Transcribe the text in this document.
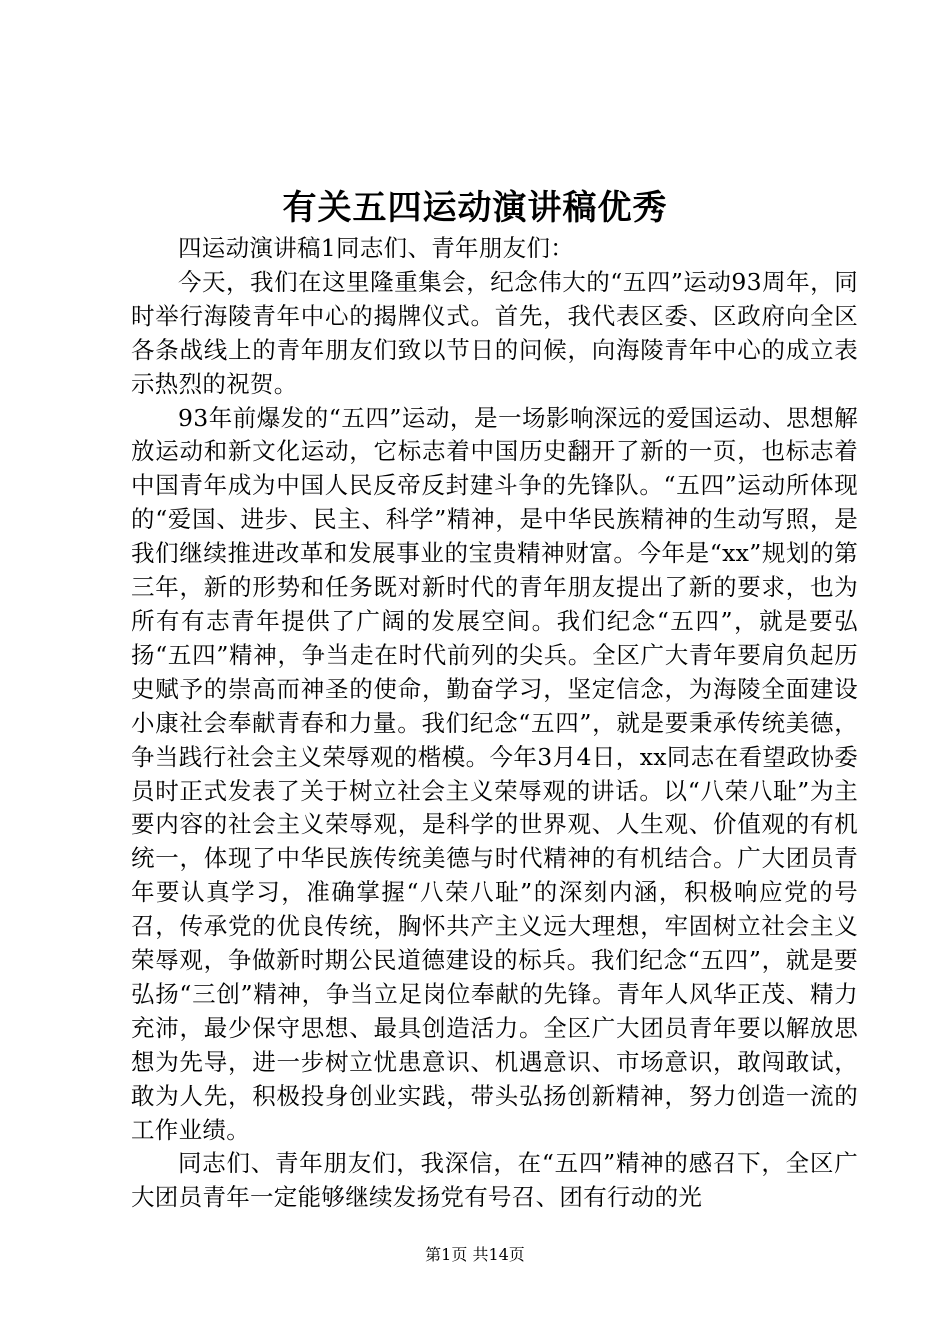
有关五四运动演讲稿优秀

四运动演讲稿1同志们、青年朋友们：

今天，我们在这里隆重集会，纪念伟大的“五四”运动93周年，同时举行海陵青年中心的揭牌仪式。首先，我代表区委、区政府向全区各条战线上的青年朋友们致以节日的问候，向海陵青年中心的成立表示热烈的祝贺。

93年前爆发的“五四”运动，是一场影响深远的爱国运动、思想解放运动和新文化运动，它标志着中国历史翻开了新的一页，也标志着中国青年成为中国人民反帝反封建斗争的先锋队。“五四”运动所体现的“爱国、进步、民主、科学”精神，是中华民族精神的生动写照，是我们继续推进改革和发展事业的宝贵精神财富。今年是“xx”规划的第三年，新的形势和任务既对新时代的青年朋友提出了新的要求，也为所有有志青年提供了广阔的发展空间。我们纪念“五四”，就是要弘扬“五四”精神，争当走在时代前列的尖兵。全区广大青年要肩负起历史赋予的崇高而神圣的使命，勤奋学习，坚定信念，为海陵全面建设小康社会奉献青春和力量。我们纪念“五四”，就是要秉承传统美德，争当践行社会主义荣辱观的楷模。今年3月4日，xx同志在看望政协委员时正式发表了关于树立社会主义荣辱观的讲话。以“八荣八耻”为主要内容的社会主义荣辱观，是科学的世界观、人生观、价值观的有机统一，体现了中华民族传统美德与时代精神的有机结合。广大团员青年要认真学习，准确掌握“八荣八耻”的深刻内涵，积极响应党的号召，传承党的优良传统，胸怀共产主义远大理想，牢固树立社会主义荣辱观，争做新时期公民道德建设的标兵。我们纪念“五四”，就是要弘扬“三创”精神，争当立足岗位奉献的先锋。青年人风华正茂、精力充沛，最少保守思想、最具创造活力。全区广大团员青年要以解放思想为先导，进一步树立忧患意识、机遇意识、市场意识，敢闯敢试，敢为人先，积极投身创业实践，带头弘扬创新精神，努力创造一流的工作业绩。

同志们、青年朋友们，我深信，在“五四”精神的感召下，全区广大团员青年一定能够继续发扬党有号召、团有行动的光

第1页 共14页
